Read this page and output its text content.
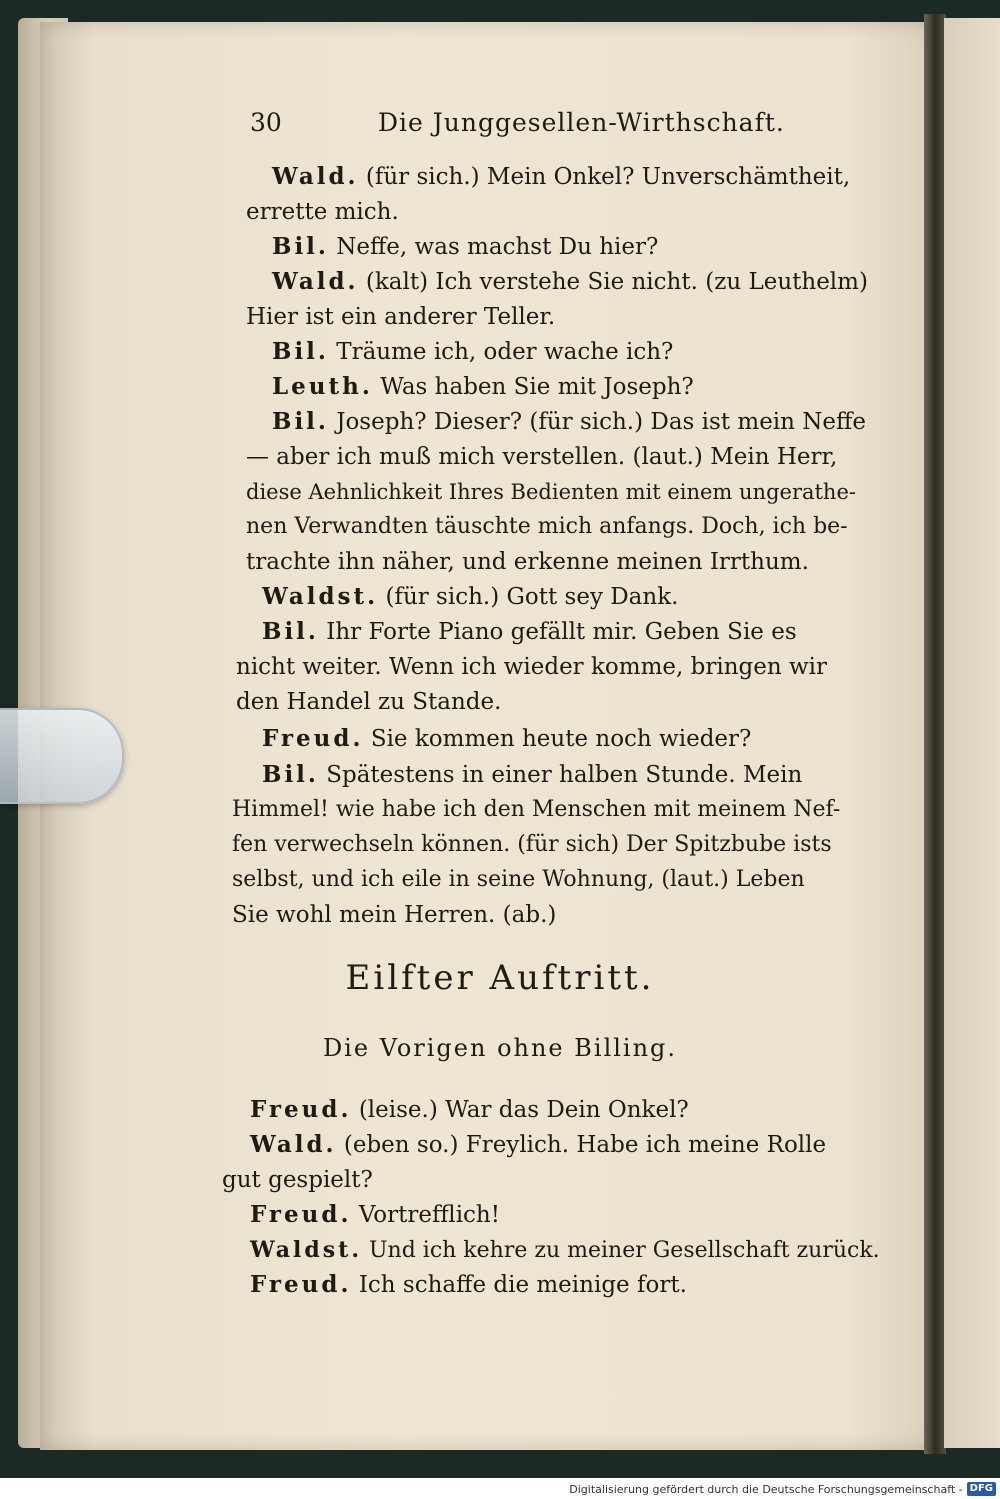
30	Die Junggesellen-Wirthschaft.
Wald. (für sich.) Mein Onkel? Unverschämtheit,
errette mich.
Bil. Neffe, was machst Du hier?
Wald. (kalt) Ich verstehe Sie nicht. (zu Leuthelm)
Hier ist ein anderer Teller.
Bil. Träume ich, oder wache ich?
Leuth. Was haben Sie mit Joseph?
Bil. Joseph? Dieser? (für sich.) Das ist mein Neffe
— aber ich muß mich verstellen. (laut.) Mein Herr,
diese Aehnlichkeit Ihres Bedienten mit einem ungerathe-
nen Verwandten täuschte mich anfangs. Doch, ich be-
trachte ihn näher, und erkenne meinen Irrthum.
Waldst. (für sich.) Gott sey Dank.
Bil. Ihr Forte Piano gefällt mir. Geben Sie es
nicht weiter. Wenn ich wieder komme, bringen wir
den Handel zu Stande.
Freud. Sie kommen heute noch wieder?
Bil. Spätestens in einer halben Stunde. Mein
Himmel! wie habe ich den Menschen mit meinem Nef-
fen verwechseln können. (für sich) Der Spitzbube ists
selbst, und ich eile in seine Wohnung, (laut.) Leben
Sie wohl mein Herren. (ab.)
Eilfter Auftritt.
Die Vorigen ohne Billing.
Freud. (leise.) War das Dein Onkel?
Wald. (eben so.) Freylich. Habe ich meine Rolle
gut gespielt?
Freud. Vortrefflich!
Waldst. Und ich kehre zu meiner Gesellschaft zurück.
Freud. Ich schaffe die meinige fort.
Digitalisierung gefördert durch die Deutsche Forschungsgemeinschaft - DFG
